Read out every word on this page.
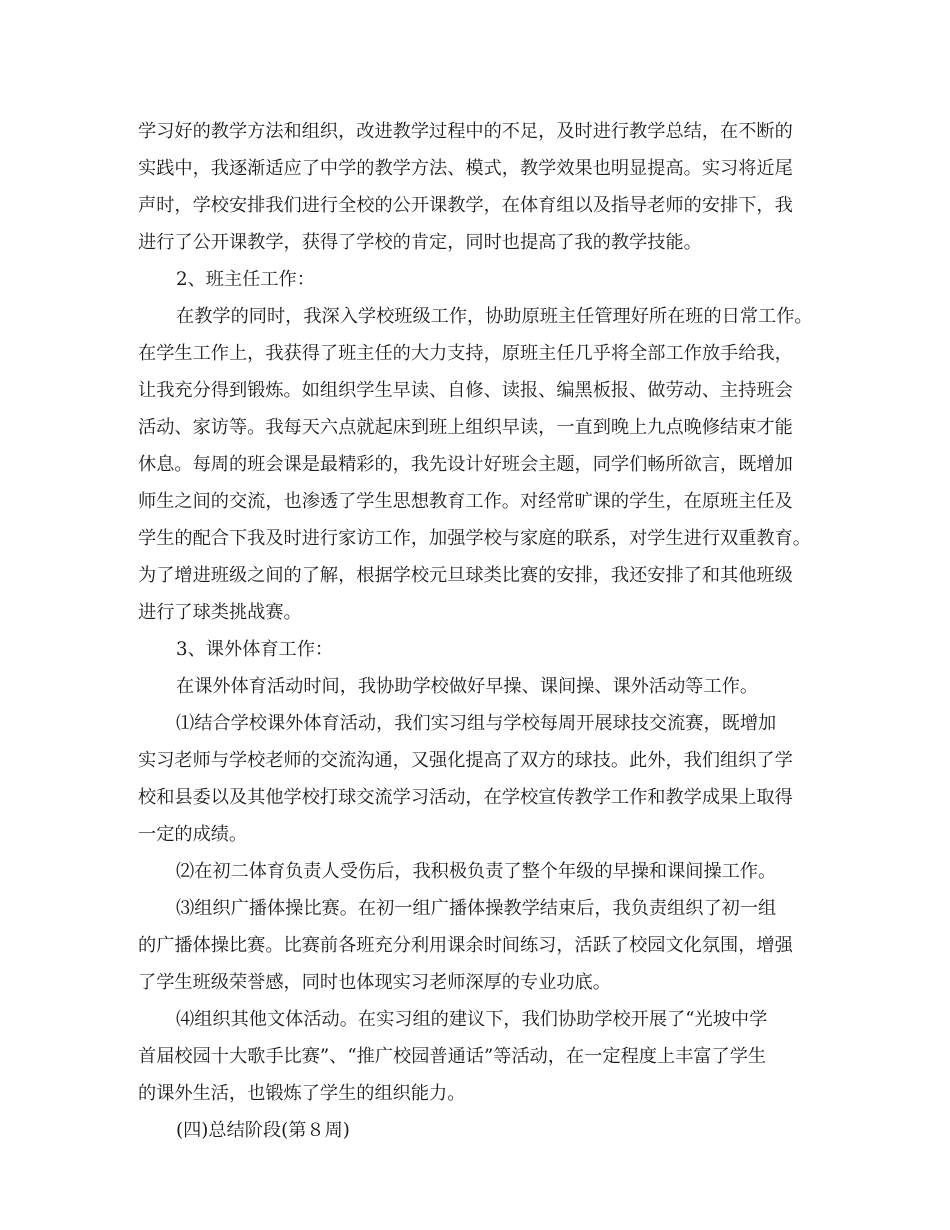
学习好的教学方法和组织，改进教学过程中的不足，及时进行教学总结，在不断的
实践中，我逐渐适应了中学的教学方法、模式，教学效果也明显提高。实习将近尾
声时，学校安排我们进行全校的公开课教学，在体育组以及指导老师的安排下，我
进行了公开课教学，获得了学校的肯定，同时也提高了我的教学技能。
2、班主任工作：
在教学的同时，我深入学校班级工作，协助原班主任管理好所在班的日常工作。
在学生工作上，我获得了班主任的大力支持，原班主任几乎将全部工作放手给我，
让我充分得到锻炼。如组织学生早读、自修、读报、编黑板报、做劳动、主持班会
活动、家访等。我每天六点就起床到班上组织早读，一直到晚上九点晚修结束才能
休息。每周的班会课是最精彩的，我先设计好班会主题，同学们畅所欲言，既增加
师生之间的交流，也渗透了学生思想教育工作。对经常旷课的学生，在原班主任及
学生的配合下我及时进行家访工作，加强学校与家庭的联系，对学生进行双重教育。
为了增进班级之间的了解，根据学校元旦球类比赛的安排，我还安排了和其他班级
进行了球类挑战赛。
3、课外体育工作：
在课外体育活动时间，我协助学校做好早操、课间操、课外活动等工作。
⑴结合学校课外体育活动，我们实习组与学校每周开展球技交流赛，既增加
实习老师与学校老师的交流沟通，又强化提高了双方的球技。此外，我们组织了学
校和县委以及其他学校打球交流学习活动，在学校宣传教学工作和教学成果上取得
一定的成绩。
⑵在初二体育负责人受伤后，我积极负责了整个年级的早操和课间操工作。
⑶组织广播体操比赛。在初一组广播体操教学结束后，我负责组织了初一组
的广播体操比赛。比赛前各班充分利用课余时间练习，活跃了校园文化氛围，增强
了学生班级荣誉感，同时也体现实习老师深厚的专业功底。
⑷组织其他文体活动。在实习组的建议下，我们协助学校开展了“光坡中学
首届校园十大歌手比赛”、“推广校园普通话”等活动，在一定程度上丰富了学生
的课外生活，也锻炼了学生的组织能力。
(四)总结阶段(第８周)
